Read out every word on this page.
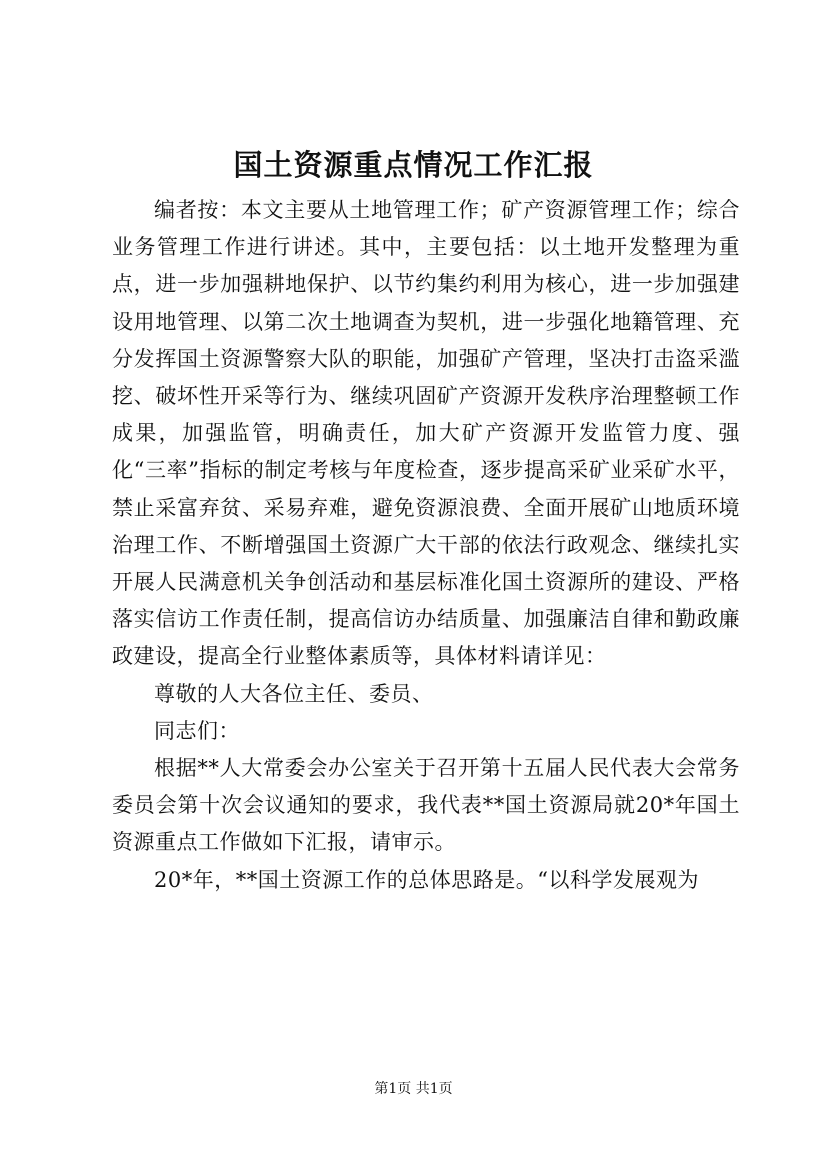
国土资源重点情况工作汇报

编者按：本文主要从土地管理工作；矿产资源管理工作；综合业务管理工作进行讲述。其中，主要包括：以土地开发整理为重点，进一步加强耕地保护、以节约集约利用为核心，进一步加强建设用地管理、以第二次土地调查为契机，进一步强化地籍管理、充分发挥国土资源警察大队的职能，加强矿产管理，坚决打击盗采滥挖、破坏性开采等行为、继续巩固矿产资源开发秩序治理整顿工作成果，加强监管，明确责任，加大矿产资源开发监管力度、强化“三率”指标的制定考核与年度检查，逐步提高采矿业采矿水平，禁止采富弃贫、采易弃难，避免资源浪费、全面开展矿山地质环境治理工作、不断增强国土资源广大干部的依法行政观念、继续扎实开展人民满意机关争创活动和基层标准化国土资源所的建设、严格落实信访工作责任制，提高信访办结质量、加强廉洁自律和勤政廉政建设，提高全行业整体素质等，具体材料请详见：

尊敬的人大各位主任、委员、

同志们：

根据**人大常委会办公室关于召开第十五届人民代表大会常务委员会第十次会议通知的要求，我代表**国土资源局就20*年国土资源重点工作做如下汇报，请审示。

20*年，**国土资源工作的总体思路是。“以科学发展观为

第1页 共1页
